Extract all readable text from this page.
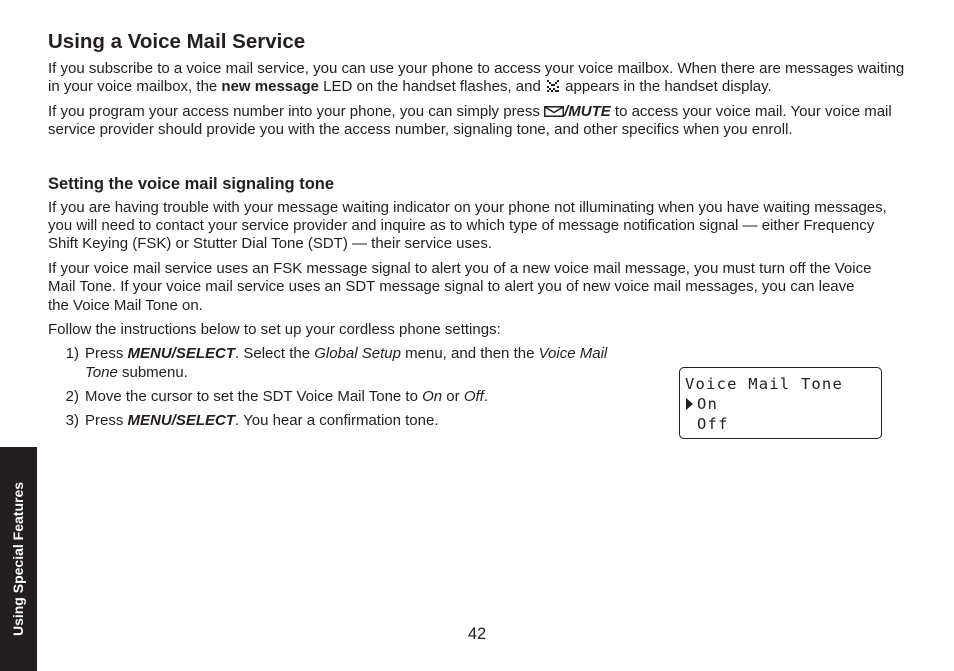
Using Special Features
Using a Voice Mail Service

If you subscribe to a voice mail service, you can use your phone to access your voice mailbox. When there are messages waiting in your voice mailbox, the new message LED on the handset flashes, and  appears in the handset display.

If you program your access number into your phone, you can simply press /MUTE to access your voice mail. Your voice mail service provider should provide you with the access number, signaling tone, and other specifics when you enroll.

Setting the voice mail signaling tone

If you are having trouble with your message waiting indicator on your phone not illuminating when you have waiting messages, you will need to contact your service provider and inquire as to which type of message notification signal — either Frequency Shift Keying (FSK) or Stutter Dial Tone (SDT) — their service uses.

If your voice mail service uses an FSK message signal to alert you of a new voice mail message, you must turn off the Voice Mail Tone. If your voice mail service uses an SDT message signal to alert you of new voice mail messages, you can leave the Voice Mail Tone on.

Follow the instructions below to set up your cordless phone settings:

1) Press MENU/SELECT. Select the Global Setup menu, and then the Voice Mail Tone submenu.
2) Move the cursor to set the SDT Voice Mail Tone to On or Off.
3) Press MENU/SELECT. You hear a confirmation tone.
Voice Mail Tone
On
Off
42
